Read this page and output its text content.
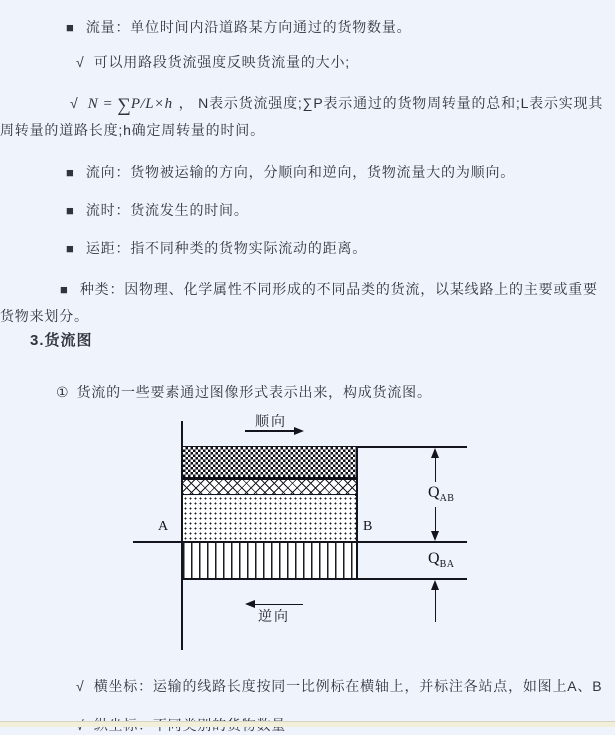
■ 流量：单位时间内沿道路某方向通过的货物数量。

√ 可以用路段货流强度反映货流量的大小;

√ N = ∑P/L×h ， N表示货流强度;∑P表示通过的货物周转量的总和;L表示实现其周转量的道路长度;h确定周转量的时间。

■ 流向：货物被运输的方向，分顺向和逆向，货物流量大的为顺向。

■ 流时：货流发生的时间。

■ 运距：指不同种类的货物实际流动的距离。

■ 种类：因物理、化学属性不同形成的不同品类的货流，以某线路上的主要或重要货物来划分。

3.货流图

① 货流的一些要素通过图像形式表示出来，构成货流图。

顺向
逆向
A	B
$Q_{AB}$
$Q_{BA}$

√ 横坐标：运输的线路长度按同一比例标在横轴上，并标注各站点，如图上A、B
